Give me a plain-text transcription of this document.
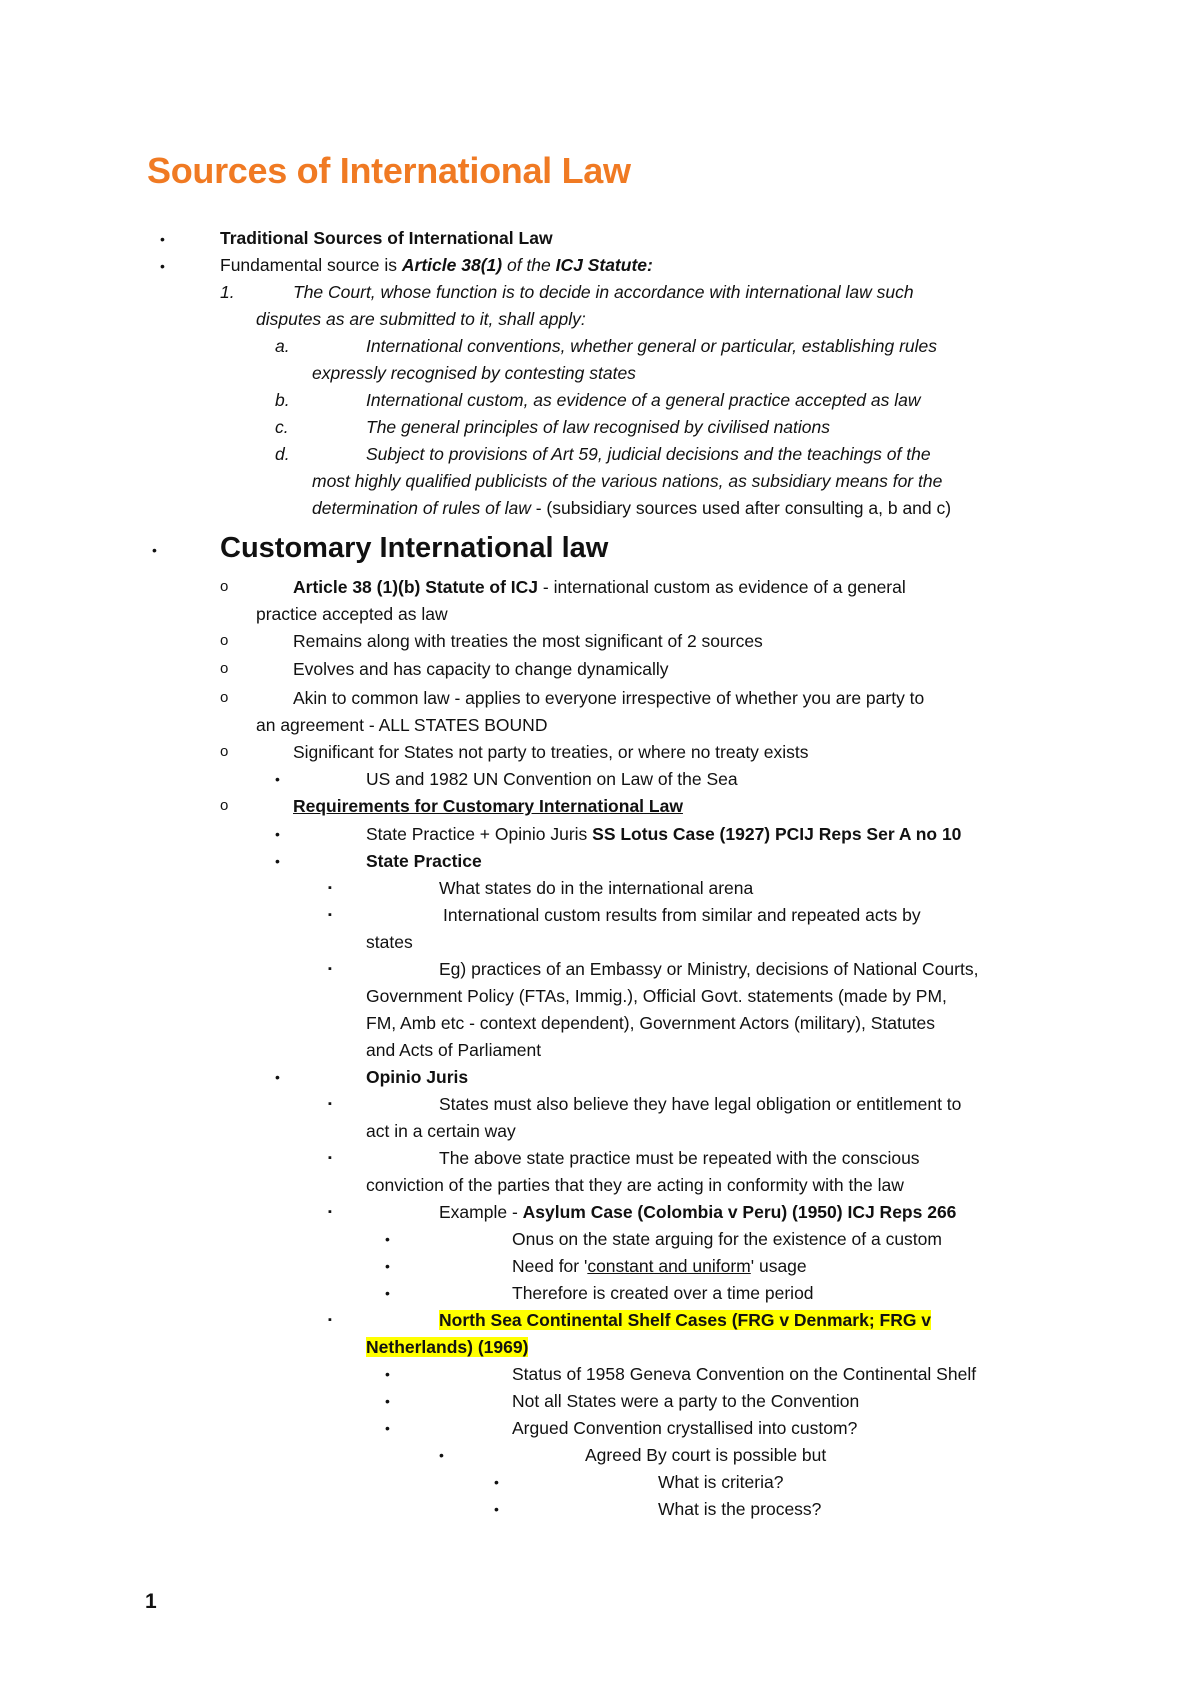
Sources of International Law
•	Traditional Sources of International Law
•	Fundamental source is Article 38(1) of the ICJ Statute:
1.	The Court, whose function is to decide in accordance with international law such
disputes as are submitted to it, shall apply:
a.	International conventions, whether general or particular, establishing rules
expressly recognised by contesting states
b.	International custom, as evidence of a general practice accepted as law
c.	The general principles of law recognised by civilised nations
d.	Subject to provisions of Art 59, judicial decisions and the teachings of the
most highly qualified publicists of the various nations, as subsidiary means for the
determination of rules of law - (subsidiary sources used after consulting a, b and c)
• Customary International law
o	Article 38 (1)(b) Statute of ICJ - international custom as evidence of a general
practice accepted as law
o	Remains along with treaties the most significant of 2 sources
o	Evolves and has capacity to change dynamically
o	Akin to common law - applies to everyone irrespective of whether you are party to
an agreement - ALL STATES BOUND
o	Significant for States not party to treaties, or where no treaty exists
•	US and 1982 UN Convention on Law of the Sea
o	Requirements for Customary International Law
•	State Practice + Opinio Juris SS Lotus Case (1927) PCIJ Reps Ser A no 10
•	State Practice
▪	What states do in the international arena
▪	International custom results from similar and repeated acts by
states
▪	Eg) practices of an Embassy or Ministry, decisions of National Courts,
Government Policy (FTAs, Immig.), Official Govt. statements (made by PM,
FM, Amb etc - context dependent), Government Actors (military), Statutes
and Acts of Parliament
•	Opinio Juris
▪	States must also believe they have legal obligation or entitlement to
act in a certain way
▪	The above state practice must be repeated with the conscious
conviction of the parties that they are acting in conformity with the law
▪	Example - Asylum Case (Colombia v Peru) (1950) ICJ Reps 266
•	Onus on the state arguing for the existence of a custom
•	Need for 'constant and uniform' usage
•	Therefore is created over a time period
▪	North Sea Continental Shelf Cases (FRG v Denmark; FRG v
Netherlands) (1969)
•	Status of 1958 Geneva Convention on the Continental Shelf
•	Not all States were a party to the Convention
•	Argued Convention crystallised into custom?
•	Agreed By court is possible but
•	What is criteria?
•	What is the process?
1
